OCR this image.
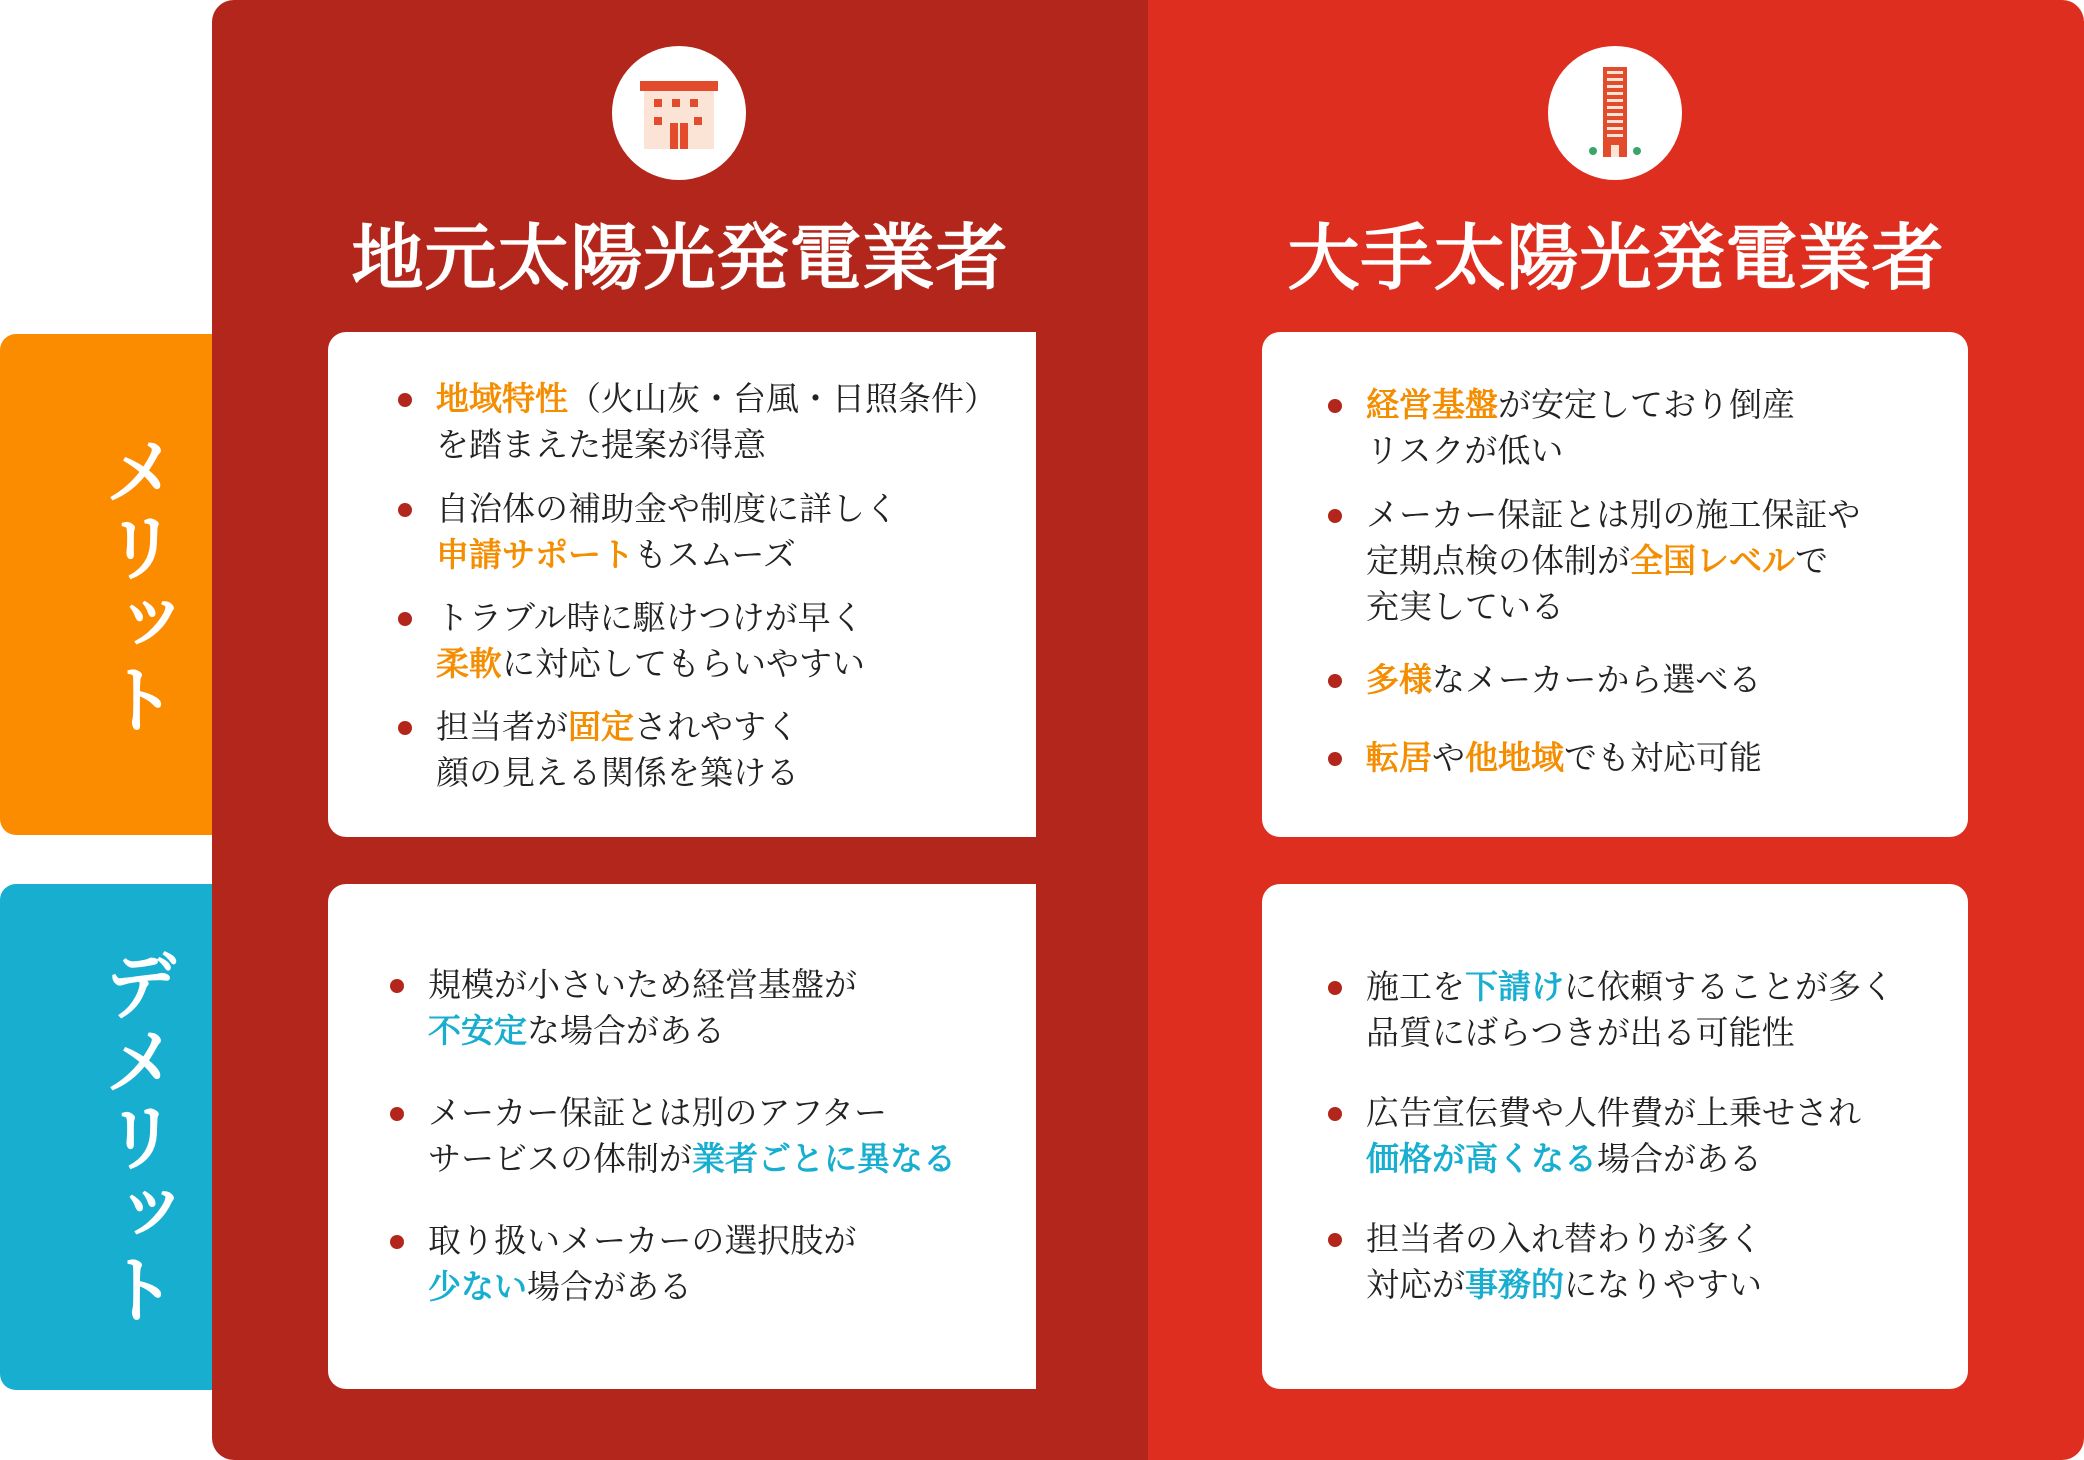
メリット
デメリット
地元太陽光発電業者
地域特性（火山灰・台風・日照条件）
を踏まえた提案が得意
自治体の補助金や制度に詳しく
申請サポートもスムーズ
トラブル時に駆けつけが早く
柔軟に対応してもらいやすい
担当者が固定されやすく
顔の見える関係を築ける
規模が小さいため経営基盤が
不安定な場合がある
メーカー保証とは別のアフター
サービスの体制が業者ごとに異なる
取り扱いメーカーの選択肢が
少ない場合がある
大手太陽光発電業者
経営基盤が安定しており倒産
リスクが低い
メーカー保証とは別の施工保証や
定期点検の体制が全国レベルで
充実している
多様なメーカーから選べる
転居や他地域でも対応可能
施工を下請けに依頼することが多く
品質にばらつきが出る可能性
広告宣伝費や人件費が上乗せされ
価格が高くなる場合がある
担当者の入れ替わりが多く
対応が事務的になりやすい
